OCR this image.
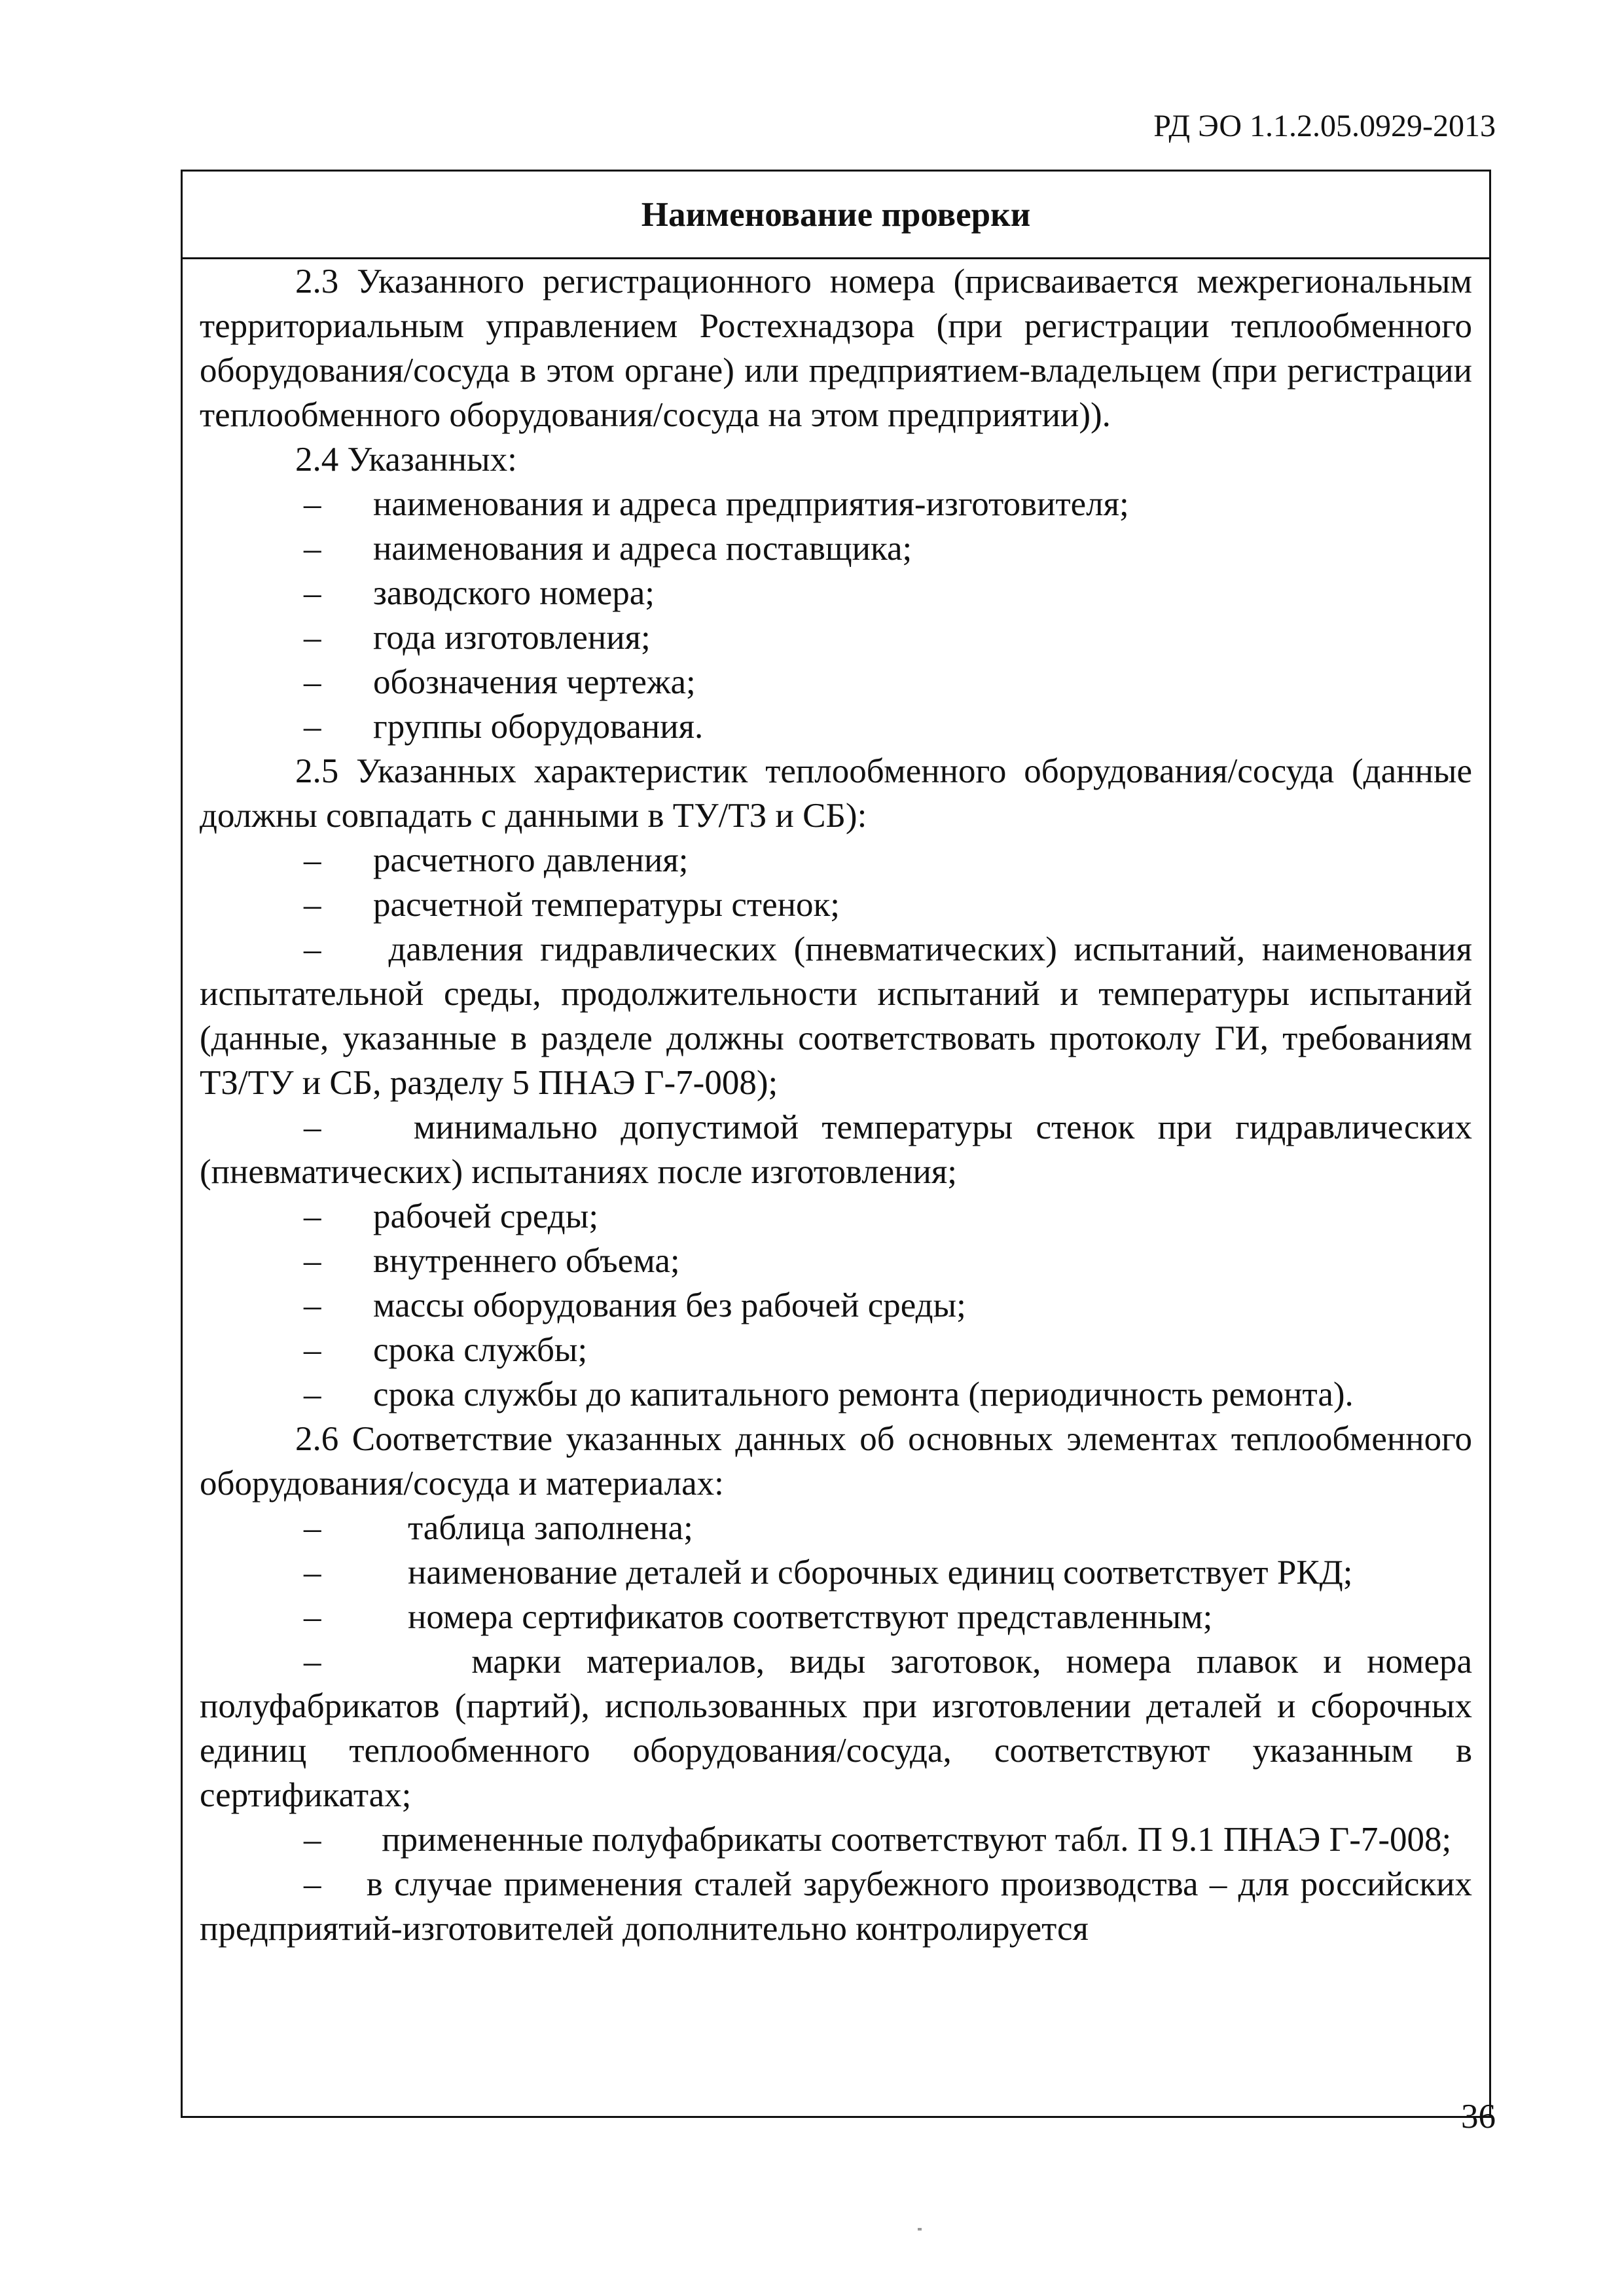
РД ЭО 1.1.2.05.0929-2013
Наименование проверки

2.3 Указанного регистрационного номера (присваивается межрегиональным территориальным управлением Ростехнадзора (при регистрации теплообменного оборудования/сосуда в этом органе) или предприятием-владельцем (при регистрации теплообменного оборудования/сосуда на этом предприятии)).

2.4 Указанных:

–	наименования и адреса предприятия-изготовителя;
–	наименования и адреса поставщика;
–	заводского номера;
–	года изготовления;
–	обозначения чертежа;
–	группы оборудования.

2.5 Указанных характеристик теплообменного оборудования/сосуда (данные должны совпадать с данными в ТУ/ТЗ и СБ):

–	расчетного давления;
–	расчетной температуры стенок;

– давления гидравлических (пневматических) испытаний, наименования испытательной среды, продолжительности испытаний и температуры испытаний (данные, указанные в разделе должны соответствовать протоколу ГИ, требованиям ТЗ/ТУ и СБ, разделу 5 ПНАЭ Г-7-008);

–	минимально допустимой температуры стенок при гидравлических (пневматических) испытаниях после изготовления;

–	рабочей среды;
–	внутреннего объема;
–	массы оборудования без рабочей среды;
–	срока службы;
–	срока службы до капитального ремонта (периодичность ремонта).

2.6 Соответствие указанных данных об основных элементах теплообменного оборудования/сосуда и материалах:

–	таблица заполнена;
–	наименование деталей и сборочных единиц соответствует РКД;
–	номера сертификатов соответствуют представленным;

–	марки материалов, виды заготовок, номера плавок и номера полуфабрикатов (партий), использованных при изготовлении деталей и сборочных единиц теплообменного оборудования/сосуда, соответствуют указанным в сертификатах;

– примененные полуфабрикаты соответствуют табл. П 9.1 ПНАЭ Г-7-008;

– в случае применения сталей зарубежного производства – для российских предприятий-изготовителей дополнительно контролируется

36
